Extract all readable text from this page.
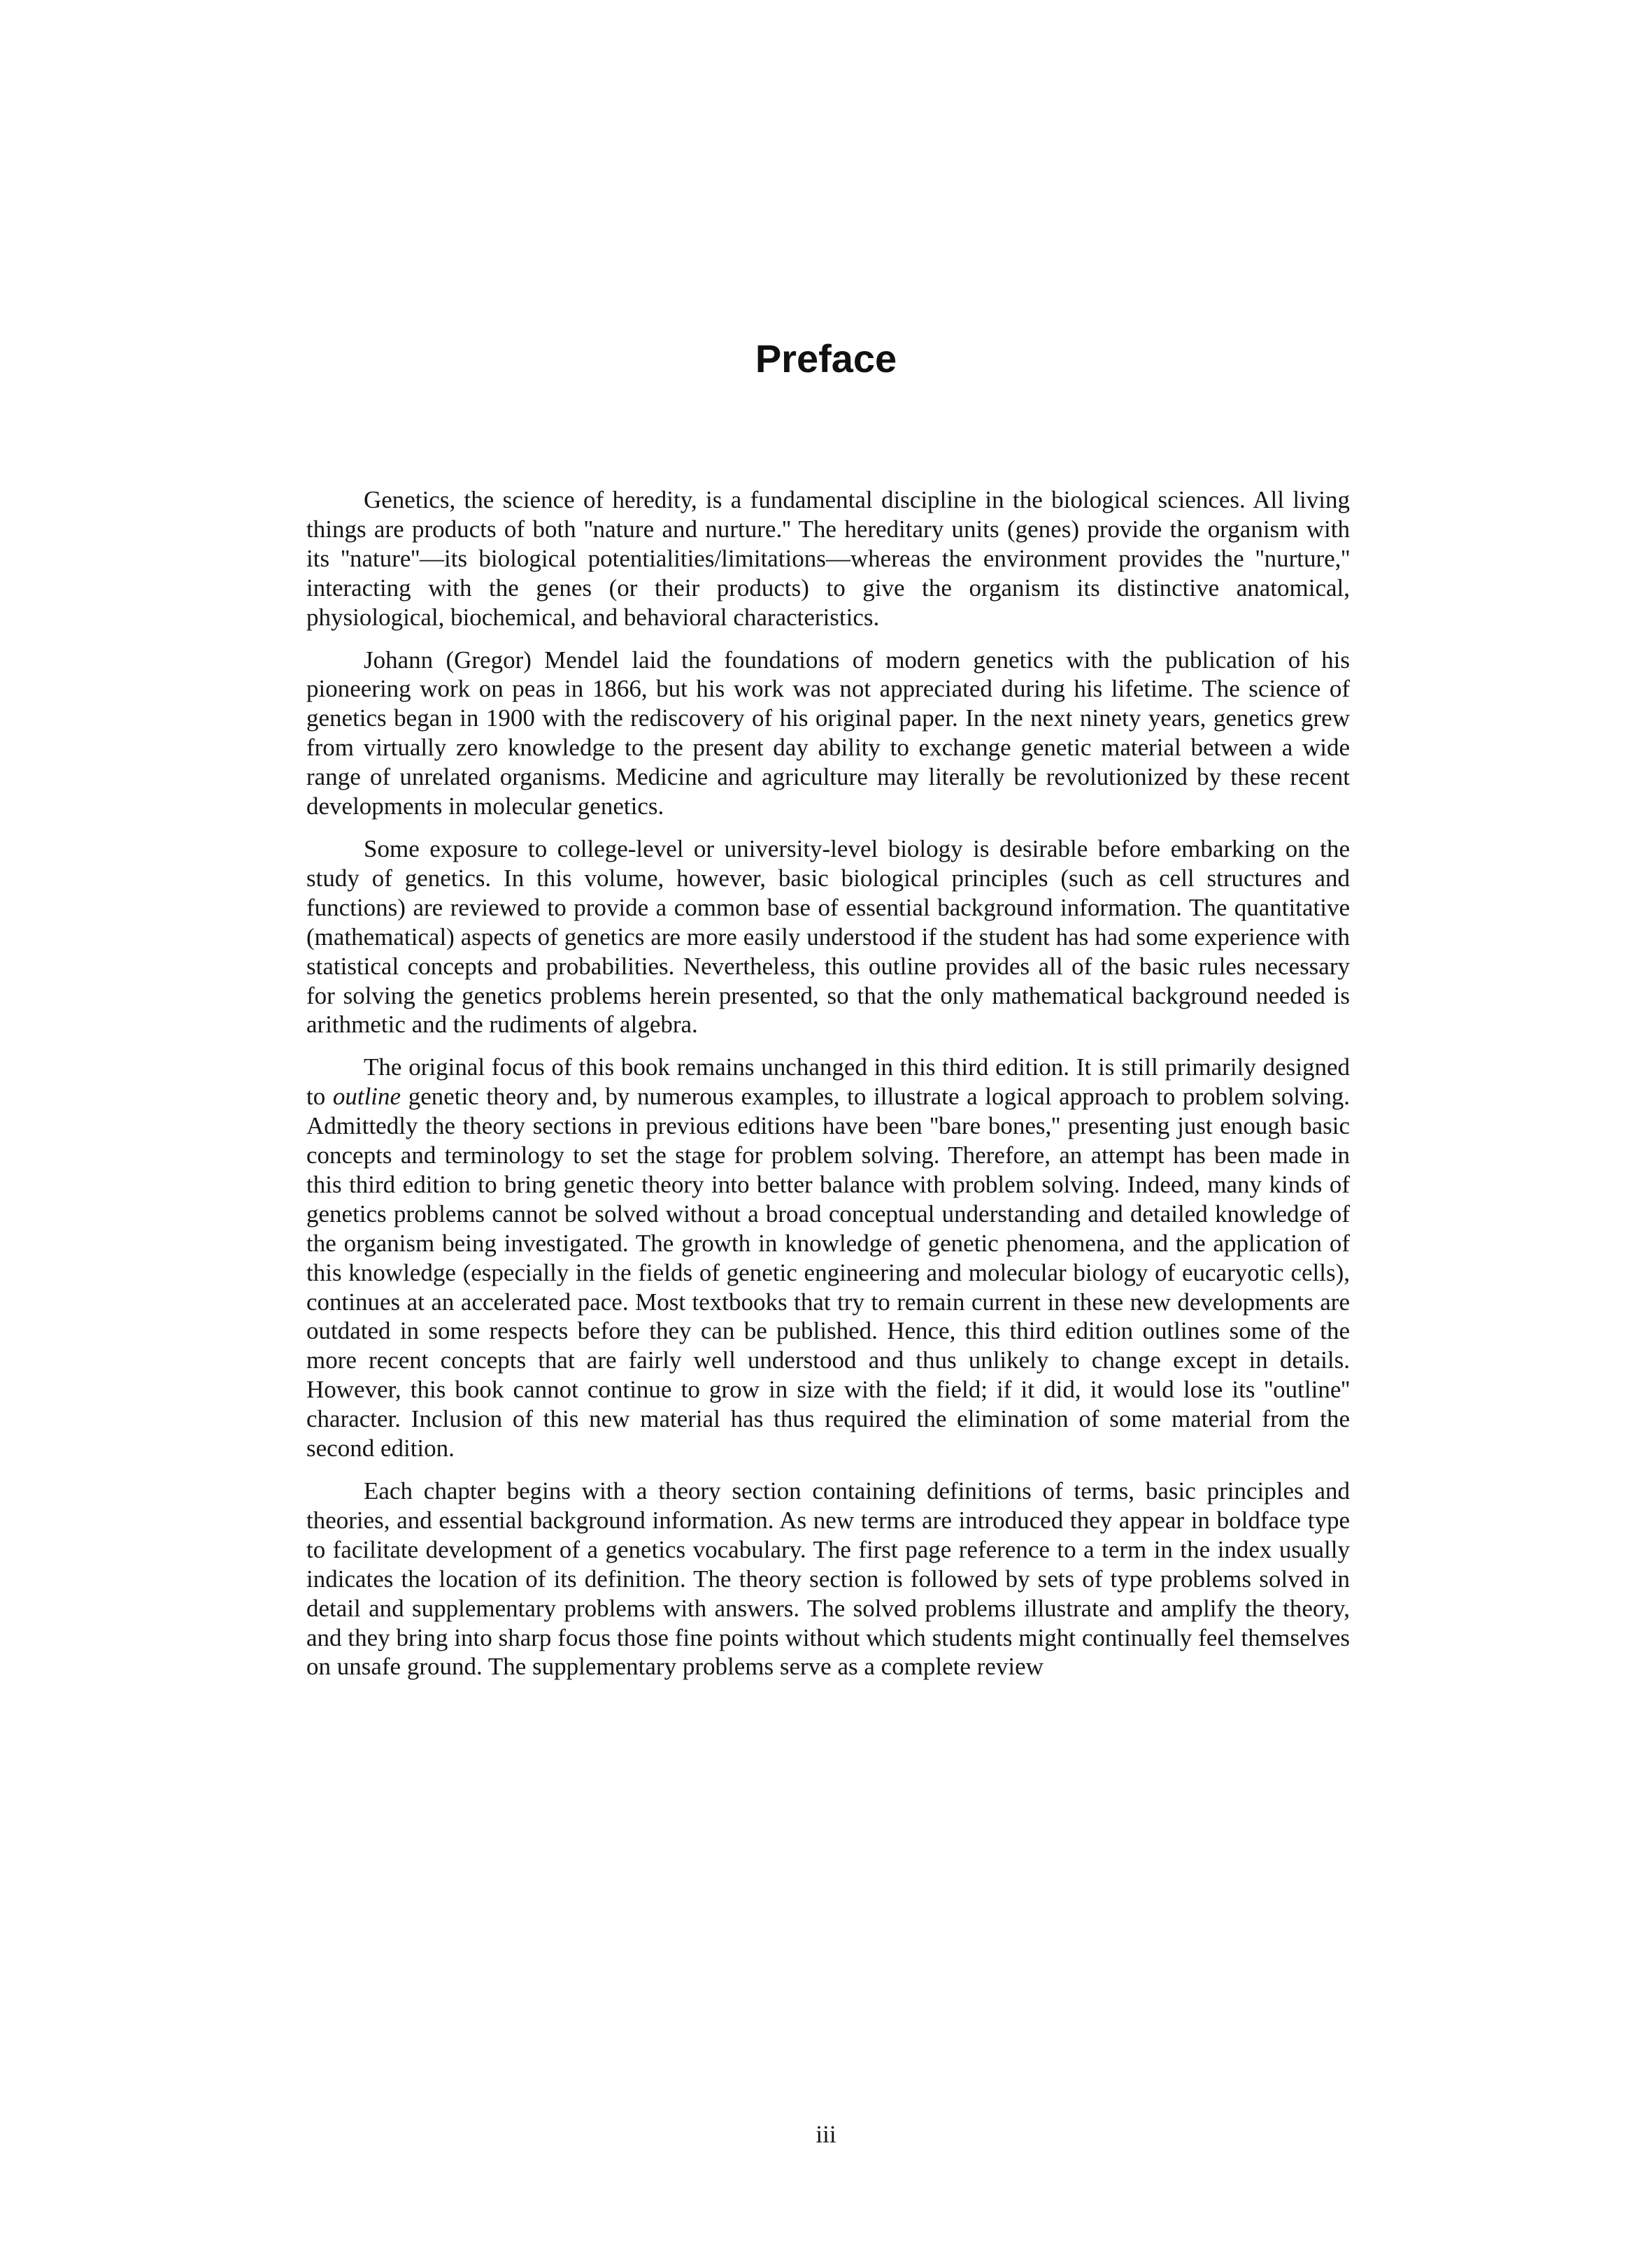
Preface

Genetics, the science of heredity, is a fundamental discipline in the biological sciences. All living things are products of both ''nature and nurture.'' The hereditary units (genes) provide the organism with its ''nature''—its biological potentialities/limitations—whereas the environment provides the ''nurture,'' interacting with the genes (or their products) to give the organism its distinctive anatomical, physiological, biochemical, and behavioral characteristics.

Johann (Gregor) Mendel laid the foundations of modern genetics with the publication of his pioneering work on peas in 1866, but his work was not appreciated during his lifetime. The science of genetics began in 1900 with the rediscovery of his original paper. In the next ninety years, genetics grew from virtually zero knowledge to the present day ability to exchange genetic material between a wide range of unrelated organisms. Medicine and agriculture may literally be revolutionized by these recent developments in molecular genetics.

Some exposure to college-level or university-level biology is desirable before embarking on the study of genetics. In this volume, however, basic biological principles (such as cell structures and functions) are reviewed to provide a common base of essential background information. The quantitative (mathematical) aspects of genetics are more easily understood if the student has had some experience with statistical concepts and probabilities. Nevertheless, this outline provides all of the basic rules necessary for solving the genetics problems herein presented, so that the only mathematical background needed is arithmetic and the rudiments of algebra.

The original focus of this book remains unchanged in this third edition. It is still primarily designed to outline genetic theory and, by numerous examples, to illustrate a logical approach to problem solving. Admittedly the theory sections in previous editions have been ''bare bones,'' presenting just enough basic concepts and terminology to set the stage for problem solving. Therefore, an attempt has been made in this third edition to bring genetic theory into better balance with problem solving. Indeed, many kinds of genetics problems cannot be solved without a broad conceptual understanding and detailed knowledge of the organism being investigated. The growth in knowledge of genetic phenomena, and the application of this knowledge (especially in the fields of genetic engineering and molecular biology of eucaryotic cells), continues at an accelerated pace. Most textbooks that try to remain current in these new developments are outdated in some respects before they can be published. Hence, this third edition outlines some of the more recent concepts that are fairly well understood and thus unlikely to change except in details. However, this book cannot continue to grow in size with the field; if it did, it would lose its ''outline'' character. Inclusion of this new material has thus required the elimination of some material from the second edition.

Each chapter begins with a theory section containing definitions of terms, basic principles and theories, and essential background information. As new terms are introduced they appear in boldface type to facilitate development of a genetics vocabulary. The first page reference to a term in the index usually indicates the location of its definition. The theory section is followed by sets of type problems solved in detail and supplementary problems with answers. The solved problems illustrate and amplify the theory, and they bring into sharp focus those fine points without which students might continually feel themselves on unsafe ground. The supplementary problems serve as a complete review

iii
